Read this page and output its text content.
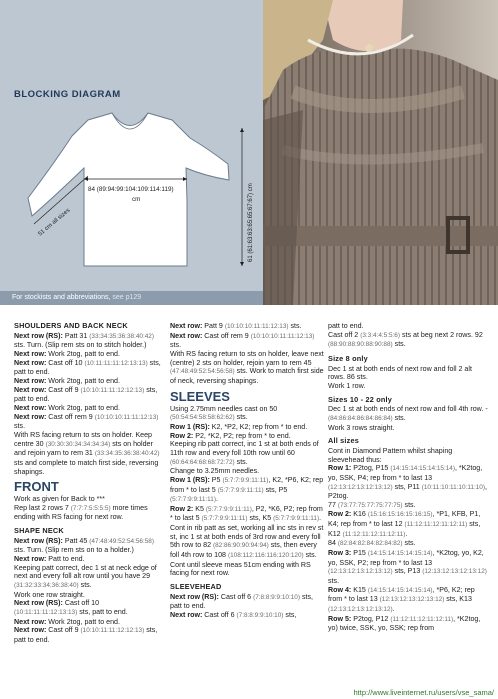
84 (89:94:99:104:109:114:119)
cm
51 cm all sizes	61 (61:63:63:65:65:67:67) cm
BLOCKING DIAGRAM
For stockists and abbreviations, see p129
SHOULDERS AND BACK NECK

Next row (RS): Patt 31 (33:34:35:36:38:40:42) sts. Turn. (Slip rem sts on to stitch holder.)

Next row: Work 2tog, patt to end.

Next row: Cast off 10 (10:11:11:11:12:13:13) sts, patt to end.

Next row: Work 2tog, patt to end.

Next row: Cast off 9 (10:10:11:11:12:12:13) sts, patt to end.

Next row: Work 2tog, patt to end.

Next row: Cast off rem 9 (10:10:10:11:11:12:13) sts.

With RS facing return to sts on holder. Keep centre 30 (30:30:30:34:34:34:34) sts on holder and rejoin yarn to rem 31 (33:34:35:36:38:40:42) sts and complete to match first side, reversing shapings.

FRONT

Work as given for Back to ***

Rep last 2 rows 7 (7:7:7:5:5:5:5) more times ending with RS facing for next row.

SHAPE NECK

Next row (RS): Patt 45 (47:48:49:52:54:56:58) sts. Turn. (Slip rem sts on to a holder.)

Next row: Patt to end.

Keeping patt correct, dec 1 st at neck edge of next and every foll alt row until you have 29 (31:32:33:34:36:38:40) sts.

Work one row straight.

Next row (RS): Cast off 10 (10:11:11:11:12:13:13) sts, patt to end.

Next row: Work 2tog, patt to end.

Next row: Cast off 9 (10:10:11:11:12:12:13) sts, patt to end.

Next row: Patt 9 (10:10:10:11:11:12:13) sts.

Next row: Cast off rem 9 (10:10:10:11:11:12:13) sts.

With RS facing return to sts on holder, leave next (centre) 2 sts on holder, rejoin yarn to rem 45 (47:48:49:52:54:56:58) sts. Work to match first side of neck, reversing shapings.

SLEEVES

Using 2.75mm needles cast on 50 (50:54:54:58:58:62:62) sts.

Row 1 (RS): K2, *P2, K2; rep from * to end.

Row 2: P2, *K2, P2; rep from * to end.

Keeping rib patt correct, inc 1 st at both ends of 11th row and every foll 10th row until 60 (60:64:64:68:68:72:72) sts.

Change to 3.25mm needles.

Row 1 (RS): P5 (5:7:7:9:9:11:11), K2, *P6, K2; rep from * to last 5 (5:7:7:9:9:11:11) sts, P5 (5:7:7:9:9:11:11).

Row 2: K5 (5:7:7:9:9:11:11), P2, *K6, P2; rep from * to last 5 (5:7:7:9:9:11:11) sts, K5 (5:7:7:9:9:11:11).

Cont in rib patt as set, working all inc sts in rev st st, inc 1 st at both ends of 3rd row and every foll 5th row to 82 (82:86:90:90:94:94) sts, then every foll 4th row to 108 (108:112:116:116:120:120) sts.

Cont until sleeve meas 51cm ending with RS facing for next row.

SLEEVEHEAD

Next row (RS): Cast off 6 (7:8:8:9:9:10:10) sts, patt to end.

Next row: Cast off 6 (7:8:8:9:9:10:10) sts,

patt to end.

Cast off 2 (3:3:4:4:5:5:6) sts at beg next 2 rows. 92 (88:90:88:90:88:90:88) sts.

Size 8 only

Dec 1 st at both ends of next row and foll 2 alt rows. 86 sts.

Work 1 row.

Sizes 10 - 22 only

Dec 1 st at both ends of next row and foll 4th row. - (84:86:84:86:84:86:84) sts.

Work 3 rows straight.

All sizes

Cont in Diamond Pattern whilst shaping sleevehead thus:

Row 1: P2tog, P15 (14:15:14:15:14:15:14), *K2tog, yo, SSK, P4; rep from * to last 13 (12:13:12:13:12:13:12) sts, P11 (10:11:10:11:10:11:10), P2tog.

77 (73:77:75:77:75:77:75) sts.

Row 2: K16 (15:16:15:16:15:16:15), *P1, KFB, P1, K4; rep from * to last 12 (11:12:11:12:11:12:11) sts, K12 (11:12:11:12:11:12:11).

84 (82:84:82:84:82:84:82) sts.

Row 3: P15 (14:15:14:15:14:15:14), *K2tog, yo, K2, yo, SSK, P2; rep from * to last 13 (12:13:12:13:12:13:12) sts, P13 (12:13:12:13:12:13:12) sts.

Row 4: K15 (14:15:14:15:14:15:14), *P6, K2; rep from * to last 13 (12:13:12:13:12:13:12) sts, K13 (12:13:12:13:12:13:12).

Row 5: P2tog, P12 (11:12:11:12:11:12:11), *K2tog, yo) twice, SSK, yo, SSK; rep from

http://www.liveinternet.ru/users/vse_sama/
